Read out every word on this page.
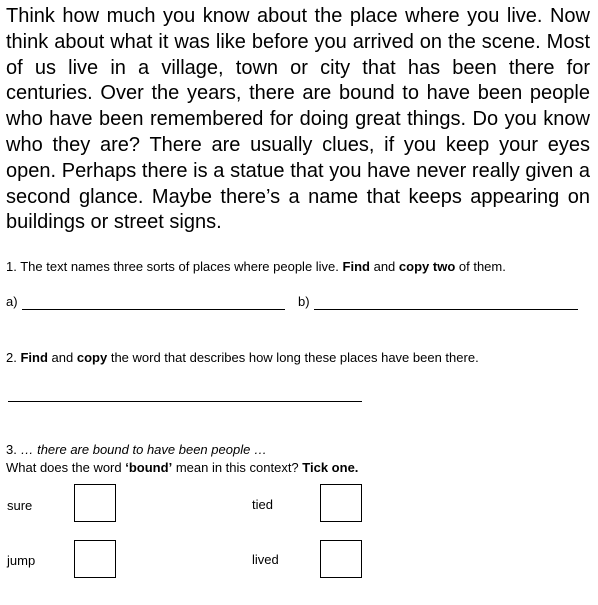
Think how much you know about the place where you live. Now think about what it was like before you arrived on the scene. Most of us live in a village, town or city that has been there for centuries. Over the years, there are bound to have been people who have been remembered for doing great things. Do you know who they are? There are usually clues, if you keep your eyes open. Perhaps there is a statue that you have never really given a second glance. Maybe there’s a name that keeps appearing on buildings or street signs.

1. The text names three sorts of places where people live. Find and copy two of them.
a)	b)
2. Find and copy the word that describes how long these places have been there.
3. … there are bound to have been people …
What does the word ‘bound’ mean in this context? Tick one.
sure	tied
jump	lived
